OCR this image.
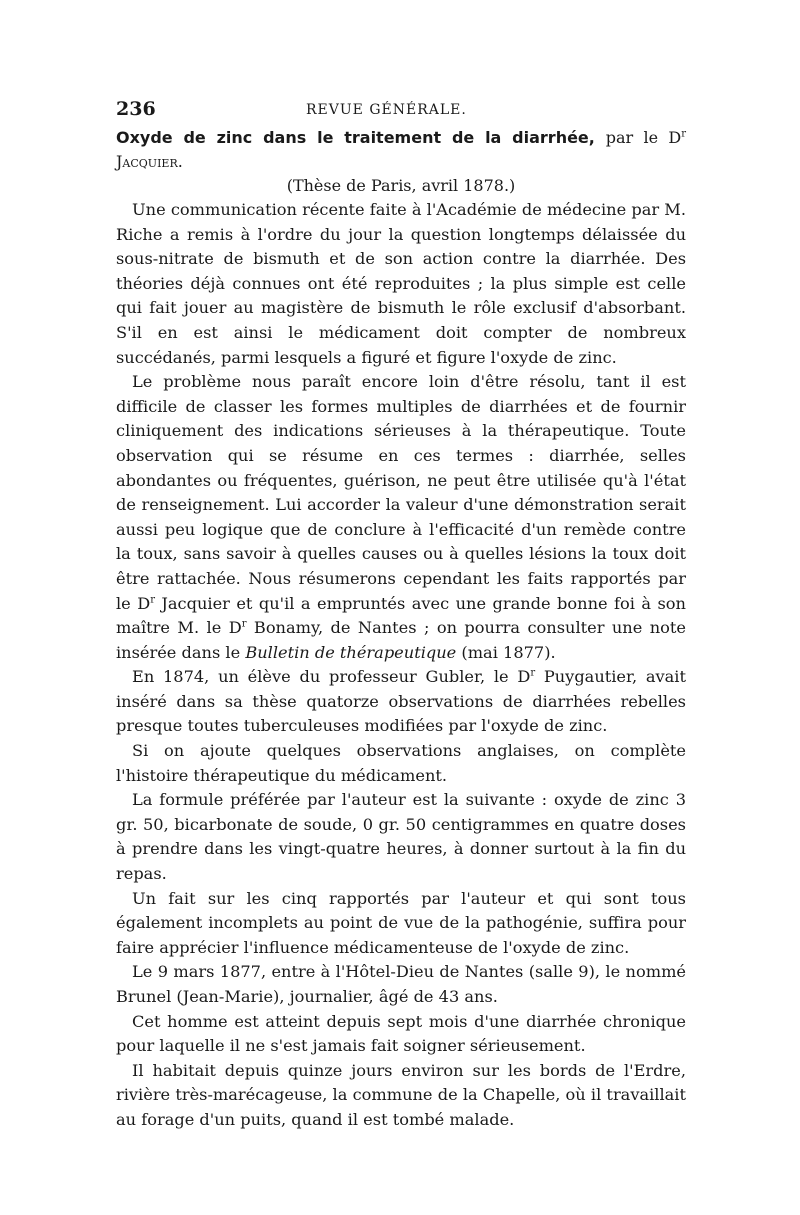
236	REVUE GÉNÉRALE.

Oxyde de zinc dans le traitement de la diarrhée, par le $D^r$ Jacquier.

(Thèse de Paris, avril 1878.)

Une communication récente faite à l'Académie de médecine par M. Riche a remis à l'ordre du jour la question longtemps délaissée du sous-nitrate de bismuth et de son action contre la diarrhée. Des théories déjà connues ont été reproduites ; la plus simple est celle qui fait jouer au magistère de bismuth le rôle exclusif d'absorbant. S'il en est ainsi le médicament doit compter de nombreux succédanés, parmi lesquels a figuré et figure l'oxyde de zinc.

Le problème nous paraît encore loin d'être résolu, tant il est difficile de classer les formes multiples de diarrhées et de fournir cliniquement des indications sérieuses à la thérapeutique. Toute observation qui se résume en ces termes : diarrhée, selles abondantes ou fréquentes, guérison, ne peut être utilisée qu'à l'état de renseignement. Lui accorder la valeur d'une démonstration serait aussi peu logique que de conclure à l'efficacité d'un remède contre la toux, sans savoir à quelles causes ou à quelles lésions la toux doit être rattachée. Nous résumerons cependant les faits rapportés par le $D^r$ Jacquier et qu'il a empruntés avec une grande bonne foi à son maître M. le $D^r$ Bonamy, de Nantes ; on pourra consulter une note insérée dans le Bulletin de thérapeutique (mai 1877).

En 1874, un élève du professeur Gubler, le $D^r$ Puygautier, avait inséré dans sa thèse quatorze observations de diarrhées rebelles presque toutes tuberculeuses modifiées par l'oxyde de zinc.

Si on ajoute quelques observations anglaises, on complète l'histoire thérapeutique du médicament.

La formule préférée par l'auteur est la suivante : oxyde de zinc 3 gr. 50, bicarbonate de soude, 0 gr. 50 centigrammes en quatre doses à prendre dans les vingt-quatre heures, à donner surtout à la fin du repas.

Un fait sur les cinq rapportés par l'auteur et qui sont tous également incomplets au point de vue de la pathogénie, suffira pour faire apprécier l'influence médicamenteuse de l'oxyde de zinc.

Le 9 mars 1877, entre à l'Hôtel-Dieu de Nantes (salle 9), le nommé Brunel (Jean-Marie), journalier, âgé de 43 ans.

Cet homme est atteint depuis sept mois d'une diarrhée chronique pour laquelle il ne s'est jamais fait soigner sérieusement.

Il habitait depuis quinze jours environ sur les bords de l'Erdre, rivière très-marécageuse, la commune de la Chapelle, où il travaillait au forage d'un puits, quand il est tombé malade.
